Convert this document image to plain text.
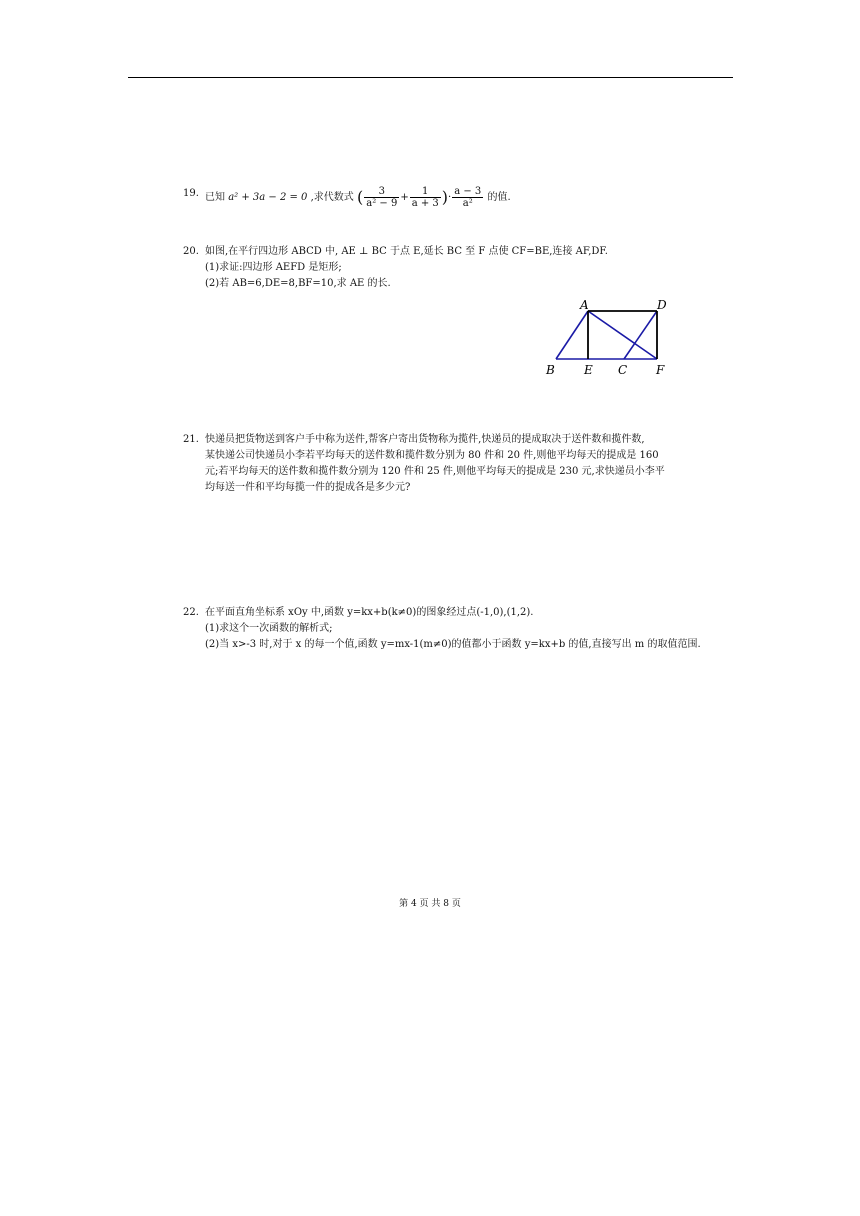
19. 已知 a² + 3a − 2 = 0 ,求代数式 ( $\frac{3}{\text{a² − 9}} + \frac{1}{a + 3}$ )· $\frac{a - 3}{\text{a²}}$ 的值.
20. 如图,在平行四边形 ABCD 中, AE ⊥ BC 于点 E,延长 BC 至 F 点使 CF=BE,连接 AF,DF.
(1)求证:四边形 AEFD 是矩形;
(2)若 AB=6,DE=8,BF=10,求 AE 的长.
A	D
B E C F
21. 快递员把货物送到客户手中称为送件,帮客户寄出货物称为揽件,快递员的提成取决于送件数和揽件数,
某快递公司快递员小李若平均每天的送件数和揽件数分别为 80 件和 20 件,则他平均每天的提成是 160
元;若平均每天的送件数和揽件数分别为 120 件和 25 件,则他平均每天的提成是 230 元,求快递员小李平
均每送一件和平均每揽一件的提成各是多少元?
22. 在平面直角坐标系 xOy 中,函数 y=kx+b(k≠0)的图象经过点(-1,0),(1,2).
(1)求这个一次函数的解析式;
(2)当 x>-3 时,对于 x 的每一个值,函数 y=mx-1(m≠0)的值都小于函数 y=kx+b 的值,直接写出 m 的取值范围.
第 4 页 共 8 页
